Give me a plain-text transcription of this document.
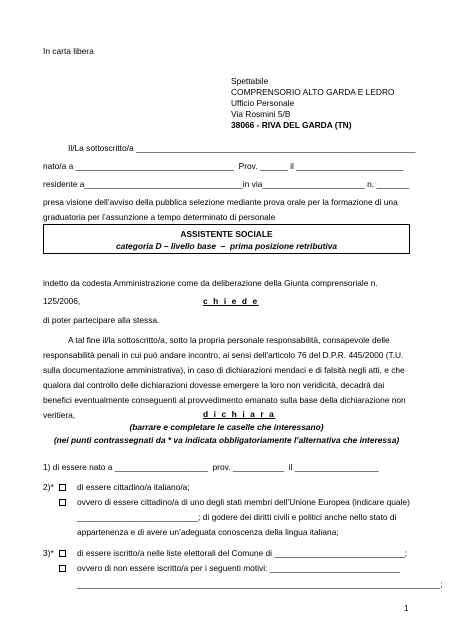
In carta libera
Spettabile
COMPRENSORIO ALTO GARDA E LEDRO
Ufficio Personale
Via Rosmini 5/B
38066 - RIVA DEL GARDA (TN)
Il/La sottoscritto/a ____________________________________________________________
nato/a a __________________________________  Prov. ______ il _______________________
residente a__________________________________in via______________________ n. _______
presa visione dell’avviso della pubblica selezione mediante prova orale per la formazione di una
graduatoria per l’assunzione a tempo determinato di personale
ASSISTENTE SOCIALE
categoria D – livello base  –  prima posizione retributiva
indetto da codesta Amministrazione come da deliberazione della Giunta comprensoriale n.
125/2006,	c h i e d e
di poter partecipare alla stessa.
A tal fine il/la sottoscritto/a, sotto la propria personale responsabilità, consapevole delle
responsabilità penali in cui può andare incontro, ai sensi dell'articolo 76 del D.P.R. 445/2000 (T.U.
sulla documentazione amministrativa), in caso di dichiarazioni mendaci e di falsità negli atti, e che
qualora dal controllo delle dichiarazioni dovesse emergere la loro non veridicità, decadrà dai
benefici eventualmente conseguenti al provvedimento emanato sulla base della dichiarazione non
veritiera,	d i c h i a r a
(barrare e completare le caselle che interessano)
(nei punti contrassegnati da * va indicata obbligatoriamente l’alternativa che interessa)
1) di essere nato a ____________________  prov. ___________  il __________________
2)*	di essere cittadino/a italiano/a;
ovvero di essere cittadino/a di uno degli stati membri dell’Unione Europea (indicare quale)
__________________________; di godere dei diritti civili e politici anche nello stato di
appartenenza e di avere un’adeguata conoscenza della lingua italiana;
3)*	di essere iscritto/a nelle liste elettorali del Comune di ____________________________;
ovvero di non essere iscritto/a per i seguenti motivi: ____________________________
______________________________________________________________________________;
1
